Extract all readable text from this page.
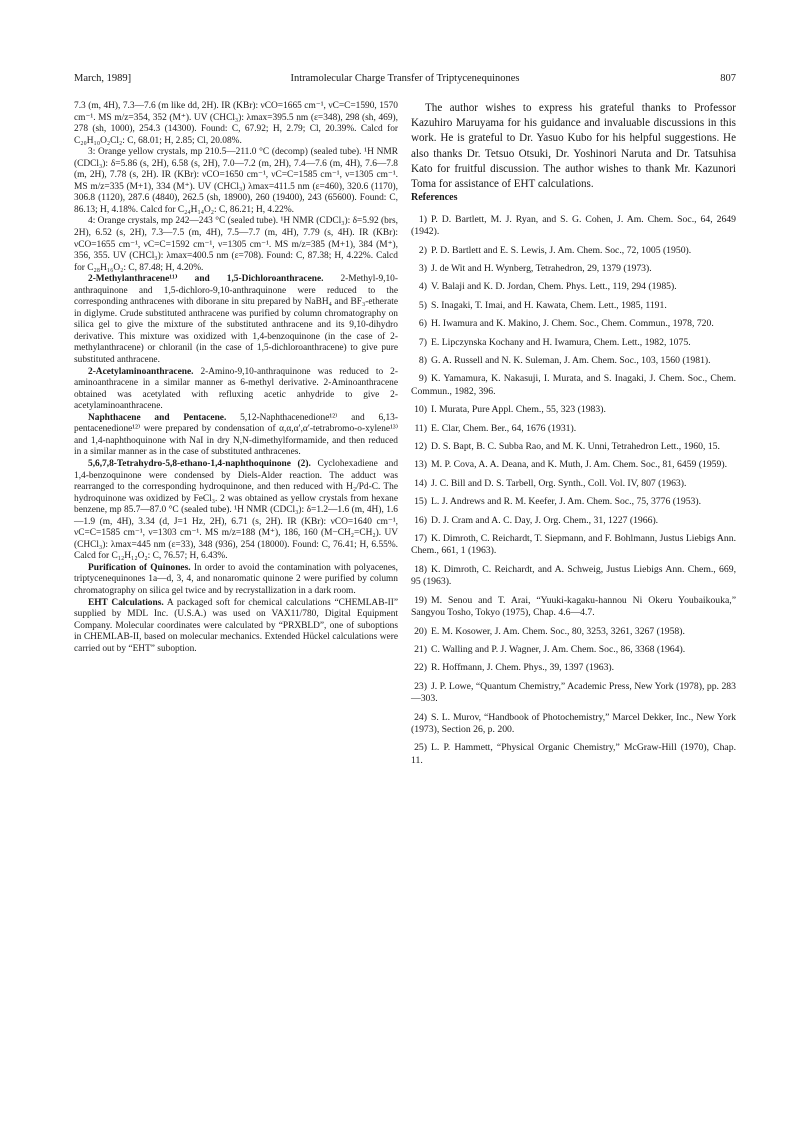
March, 1989]	Intramolecular Charge Transfer of Triptycenequinones	807

7.3 (m, 4H), 7.3—7.6 (m like dd, 2H). IR (KBr): νCO=1665 cm⁻¹, νC=C=1590, 1570 cm⁻¹. MS m/z=354, 352 (M⁺). UV (CHCl₃): λmax=395.5 nm (ε=348), 298 (sh, 469), 278 (sh, 1000), 254.3 (14300). Found: C, 67.92; H, 2.79; Cl, 20.39%. Calcd for C₂₀H₁₀O₂Cl₂: C, 68.01; H, 2.85; Cl, 20.08%.

3: Orange yellow crystals, mp 210.5—211.0 °C (decomp) (sealed tube). ¹H NMR (CDCl₃): δ=5.86 (s, 2H), 6.58 (s, 2H), 7.0—7.2 (m, 2H), 7.4—7.6 (m, 4H), 7.6—7.8 (m, 2H), 7.78 (s, 2H). IR (KBr): νCO=1650 cm⁻¹, νC=C=1585 cm⁻¹, ν=1305 cm⁻¹. MS m/z=335 (M+1), 334 (M⁺). UV (CHCl₃) λmax=411.5 nm (ε=460), 320.6 (1170), 306.8 (1120), 287.6 (4840), 262.5 (sh, 18900), 260 (19400), 243 (65600). Found: C, 86.13; H, 4.18%. Calcd for C₂₄H₁₄O₂: C, 86.21; H, 4.22%.

4: Orange crystals, mp 242—243 °C (sealed tube). ¹H NMR (CDCl₃): δ=5.92 (brs, 2H), 6.52 (s, 2H), 7.3—7.5 (m, 4H), 7.5—7.7 (m, 4H), 7.79 (s, 4H). IR (KBr): νCO=1655 cm⁻¹, νC=C=1592 cm⁻¹, ν=1305 cm⁻¹. MS m/z=385 (M+1), 384 (M⁺), 356, 355. UV (CHCl₃): λmax=400.5 nm (ε=708). Found: C, 87.38; H, 4.22%. Calcd for C₂₈H₁₆O₂: C, 87.48; H, 4.20%.

2-Methylanthracene¹¹⁾ and 1,5-Dichloroanthracene. 2-Methyl-9,10-anthraquinone and 1,5-dichloro-9,10-anthraquinone were reduced to the corresponding anthracenes with diborane in situ prepared by NaBH₄ and BF₃-etherate in diglyme. Crude substituted anthracene was purified by column chromatography on silica gel to give the mixture of the substituted anthracene and its 9,10-dihydro derivative. This mixture was oxidized with 1,4-benzoquinone (in the case of 2-methylanthracene) or chloranil (in the case of 1,5-dichloroanthracene) to give pure substituted anthracene.

2-Acetylaminoanthracene. 2-Amino-9,10-anthraquinone was reduced to 2-aminoanthracene in a similar manner as 6-methyl derivative. 2-Aminoanthracene obtained was acetylated with refluxing acetic anhydride to give 2-acetylaminoanthracene.

Naphthacene and Pentacene. 5,12-Naphthacenedione¹²⁾ and 6,13-pentacenedione¹²⁾ were prepared by condensation of α,α,α′,α′-tetrabromo-o-xylene¹³⁾ and 1,4-naphthoquinone with NaI in dry N,N-dimethylformamide, and then reduced in a similar manner as in the case of substituted anthracenes.

5,6,7,8-Tetrahydro-5,8-ethano-1,4-naphthoquinone (2). Cyclohexadiene and 1,4-benzoquinone were condensed by Diels-Alder reaction. The adduct was rearranged to the corresponding hydroquinone, and then reduced with H₂/Pd-C. The hydroquinone was oxidized by FeCl₃. 2 was obtained as yellow crystals from hexane benzene, mp 85.7—87.0 °C (sealed tube). ¹H NMR (CDCl₃): δ=1.2—1.6 (m, 4H), 1.6—1.9 (m, 4H), 3.34 (d, J=1 Hz, 2H), 6.71 (s, 2H). IR (KBr): νCO=1640 cm⁻¹, νC=C=1585 cm⁻¹, ν=1303 cm⁻¹. MS m/z=188 (M⁺), 186, 160 (M−CH₂=CH₂). UV (CHCl₃): λmax=445 nm (ε=33), 348 (936), 254 (18000). Found: C, 76.41; H, 6.55%. Calcd for C₁₂H₁₂O₂: C, 76.57; H, 6.43%.

Purification of Quinones. In order to avoid the contamination with polyacenes, triptycenequinones 1a—d, 3, 4, and nonaromatic quinone 2 were purified by column chromatography on silica gel twice and by recrystallization in a dark room.

EHT Calculations. A packaged soft for chemical calculations “CHEMLAB-II” supplied by MDL Inc. (U.S.A.) was used on VAX11/780, Digital Equipment Company. Molecular coordinates were calculated by “PRXBLD”, one of suboptions in CHEMLAB-II, based on molecular mechanics. Extended Hückel calculations were carried out by “EHT” suboption.

The author wishes to express his grateful thanks to Professor Kazuhiro Maruyama for his guidance and invaluable discussions in this work. He is grateful to Dr. Yasuo Kubo for his helpful suggestions. He also thanks Dr. Tetsuo Otsuki, Dr. Yoshinori Naruta and Dr. Tatsuhisa Kato for fruitful discussion. The author wishes to thank Mr. Kazunori Toma for assistance of EHT calculations.

References
1) P. D. Bartlett, M. J. Ryan, and S. G. Cohen, J. Am. Chem. Soc., 64, 2649 (1942).
2) P. D. Bartlett and E. S. Lewis, J. Am. Chem. Soc., 72, 1005 (1950).
3) J. de Wit and H. Wynberg, Tetrahedron, 29, 1379 (1973).
4) V. Balaji and K. D. Jordan, Chem. Phys. Lett., 119, 294 (1985).
5) S. Inagaki, T. Imai, and H. Kawata, Chem. Lett., 1985, 1191.
6) H. Iwamura and K. Makino, J. Chem. Soc., Chem. Commun., 1978, 720.
7) E. Lipczynska Kochany and H. Iwamura, Chem. Lett., 1982, 1075.
8) G. A. Russell and N. K. Suleman, J. Am. Chem. Soc., 103, 1560 (1981).
9) K. Yamamura, K. Nakasuji, I. Murata, and S. Inagaki, J. Chem. Soc., Chem. Commun., 1982, 396.
10) I. Murata, Pure Appl. Chem., 55, 323 (1983).
11) E. Clar, Chem. Ber., 64, 1676 (1931).
12) D. S. Bapt, B. C. Subba Rao, and M. K. Unni, Tetrahedron Lett., 1960, 15.
13) M. P. Cova, A. A. Deana, and K. Muth, J. Am. Chem. Soc., 81, 6459 (1959).
14) J. C. Bill and D. S. Tarbell, Org. Synth., Coll. Vol. IV, 807 (1963).
15) L. J. Andrews and R. M. Keefer, J. Am. Chem. Soc., 75, 3776 (1953).
16) D. J. Cram and A. C. Day, J. Org. Chem., 31, 1227 (1966).
17) K. Dimroth, C. Reichardt, T. Siepmann, and F. Bohlmann, Justus Liebigs Ann. Chem., 661, 1 (1963).
18) K. Dimroth, C. Reichardt, and A. Schweig, Justus Liebigs Ann. Chem., 669, 95 (1963).
19) M. Senou and T. Arai, “Yuuki-kagaku-hannou Ni Okeru Youbaikouka,” Sangyou Tosho, Tokyo (1975), Chap. 4.6—4.7.
20) E. M. Kosower, J. Am. Chem. Soc., 80, 3253, 3261, 3267 (1958).
21) C. Walling and P. J. Wagner, J. Am. Chem. Soc., 86, 3368 (1964).
22) R. Hoffmann, J. Chem. Phys., 39, 1397 (1963).
23) J. P. Lowe, “Quantum Chemistry,” Academic Press, New York (1978), pp. 283—303.
24) S. L. Murov, “Handbook of Photochemistry,” Marcel Dekker, Inc., New York (1973), Section 26, p. 200.
25) L. P. Hammett, “Physical Organic Chemistry,” McGraw-Hill (1970), Chap. 11.
